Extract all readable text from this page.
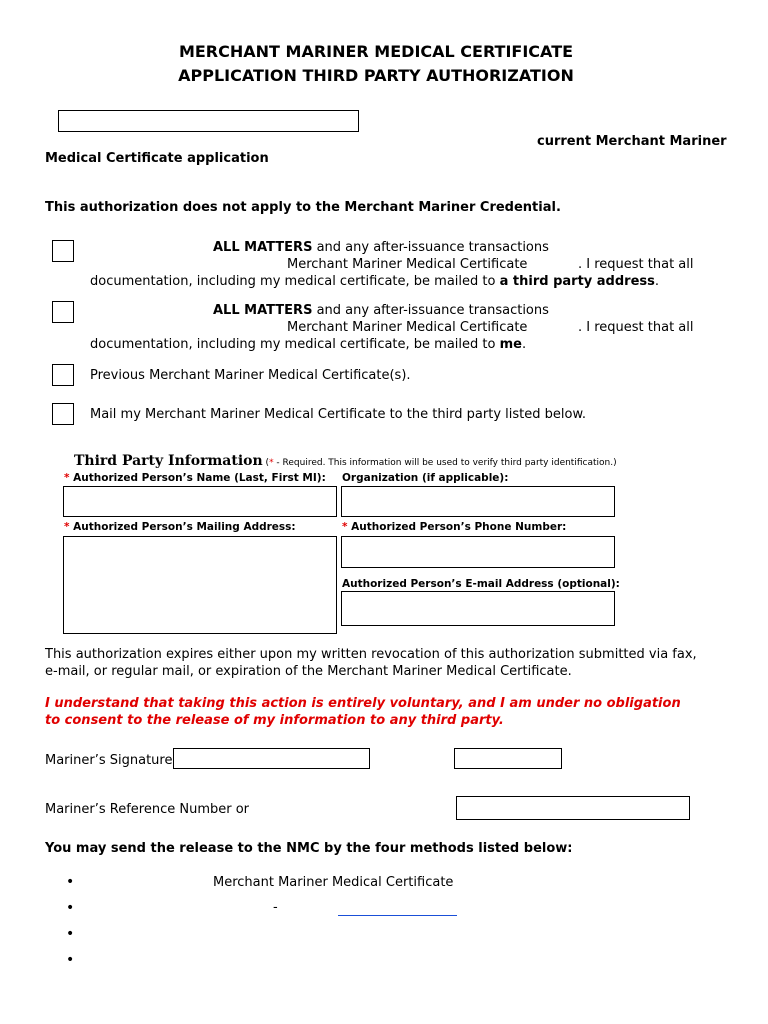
MERCHANT MARINER MEDICAL CERTIFICATE
APPLICATION THIRD PARTY AUTHORIZATION
current Merchant Mariner
Medical Certificate application
This authorization does not apply to the Merchant Mariner Credential.
ALL MATTERS and any after-issuance transactions
Merchant Mariner Medical Certificate	. I request that all
documentation, including my medical certificate, be mailed to a third party address.
ALL MATTERS and any after-issuance transactions
Merchant Mariner Medical Certificate	. I request that all
documentation, including my medical certificate, be mailed to me.
Previous Merchant Mariner Medical Certificate(s).
Mail my Merchant Mariner Medical Certificate to the third party listed below.
Third Party Information (* - Required. This information will be used to verify third party identification.)
* Authorized Person’s Name (Last, First MI): Organization (if applicable):
* Authorized Person’s Mailing Address:	* Authorized Person’s Phone Number:
Authorized Person’s E-mail Address (optional):
This authorization expires either upon my written revocation of this authorization submitted via fax,
e-mail, or regular mail, or expiration of the Merchant Mariner Medical Certificate.
I understand that taking this action is entirely voluntary, and I am under no obligation
to consent to the release of my information to any third party.
Mariner’s Signature
Mariner’s Reference Number or
You may send the release to the NMC by the four methods listed below:
•	Merchant Mariner Medical Certificate
•	-
•
•
